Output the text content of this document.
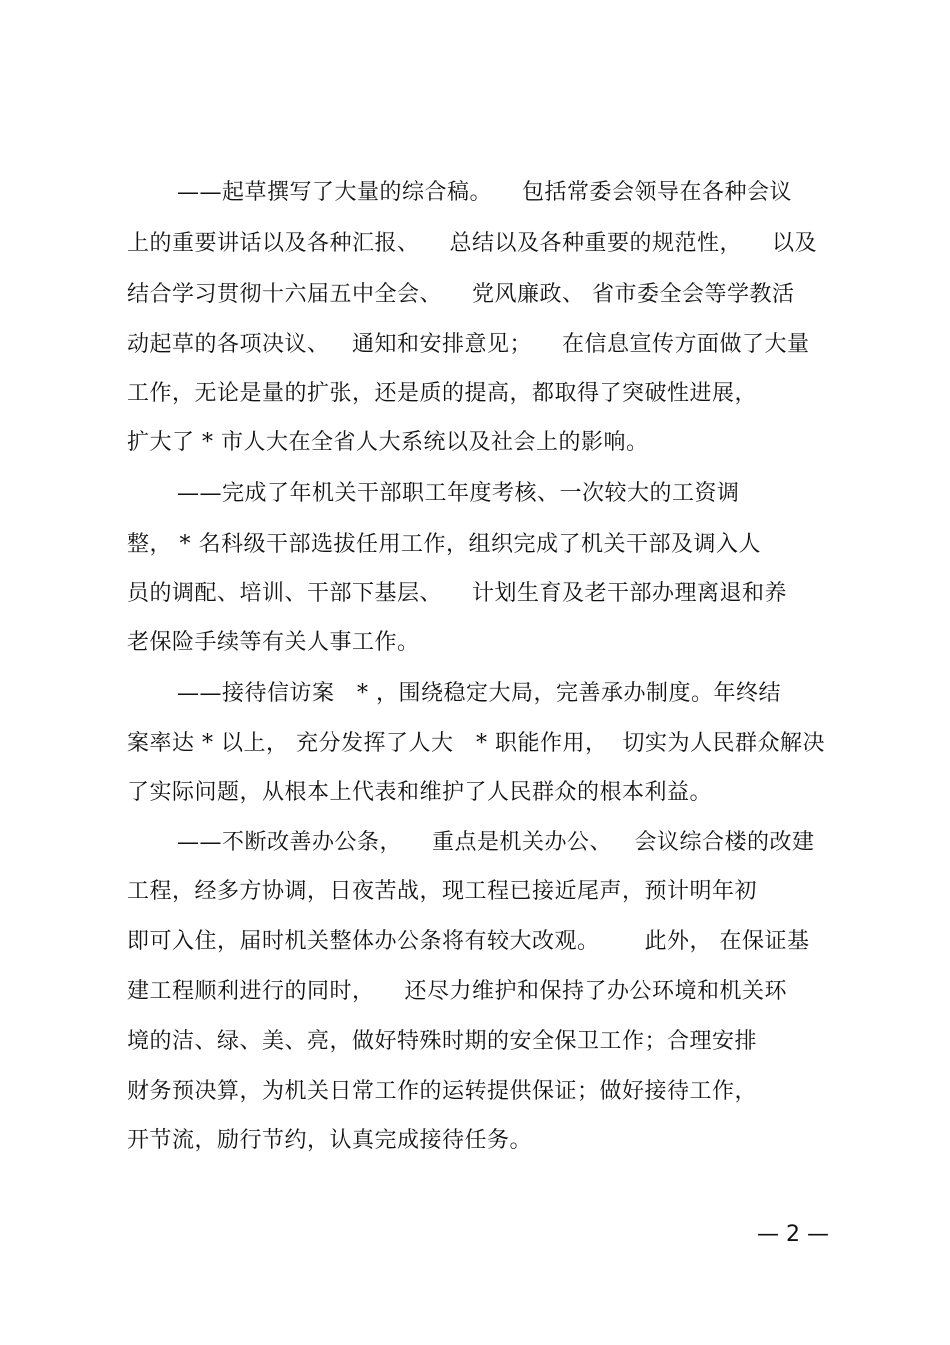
——起草撰写了大量的综合稿。    包括常委会领导在各种会议
上的重要讲话以及各种汇报、    总结以及各种重要的规范性，    以及
结合学习贯彻十六届五中全会、    党风廉政、 省市委全会等学教活
动起草的各项决议、   通知和安排意见；    在信息宣传方面做了大量
工作，无论是量的扩张，还是质的提高，都取得了突破性进展，
扩大了 * 市人大在全省人大系统以及社会上的影响。
——完成了年机关干部职工年度考核、一次较大的工资调
整， * 名科级干部选拔任用工作，组织完成了机关干部及调入人
员的调配、培训、干部下基层、    计划生育及老干部办理离退和养
老保险手续等有关人事工作。
——接待信访案   * ，围绕稳定大局，完善承办制度。年终结
案率达 * 以上， 充分发挥了人大   * 职能作用，  切实为人民群众解决
了实际问题，从根本上代表和维护了人民群众的根本利益。
——不断改善办公条，    重点是机关办公、   会议综合楼的改建
工程，经多方协调，日夜苦战，现工程已接近尾声，预计明年初
即可入住，届时机关整体办公条将有较大改观。      此外， 在保证基
建工程顺利进行的同时，    还尽力维护和保持了办公环境和机关环
境的洁、绿、美、亮，做好特殊时期的安全保卫工作；合理安排
财务预决算，为机关日常工作的运转提供保证；做好接待工作，
开节流，励行节约，认真完成接待任务。
— 2 —
